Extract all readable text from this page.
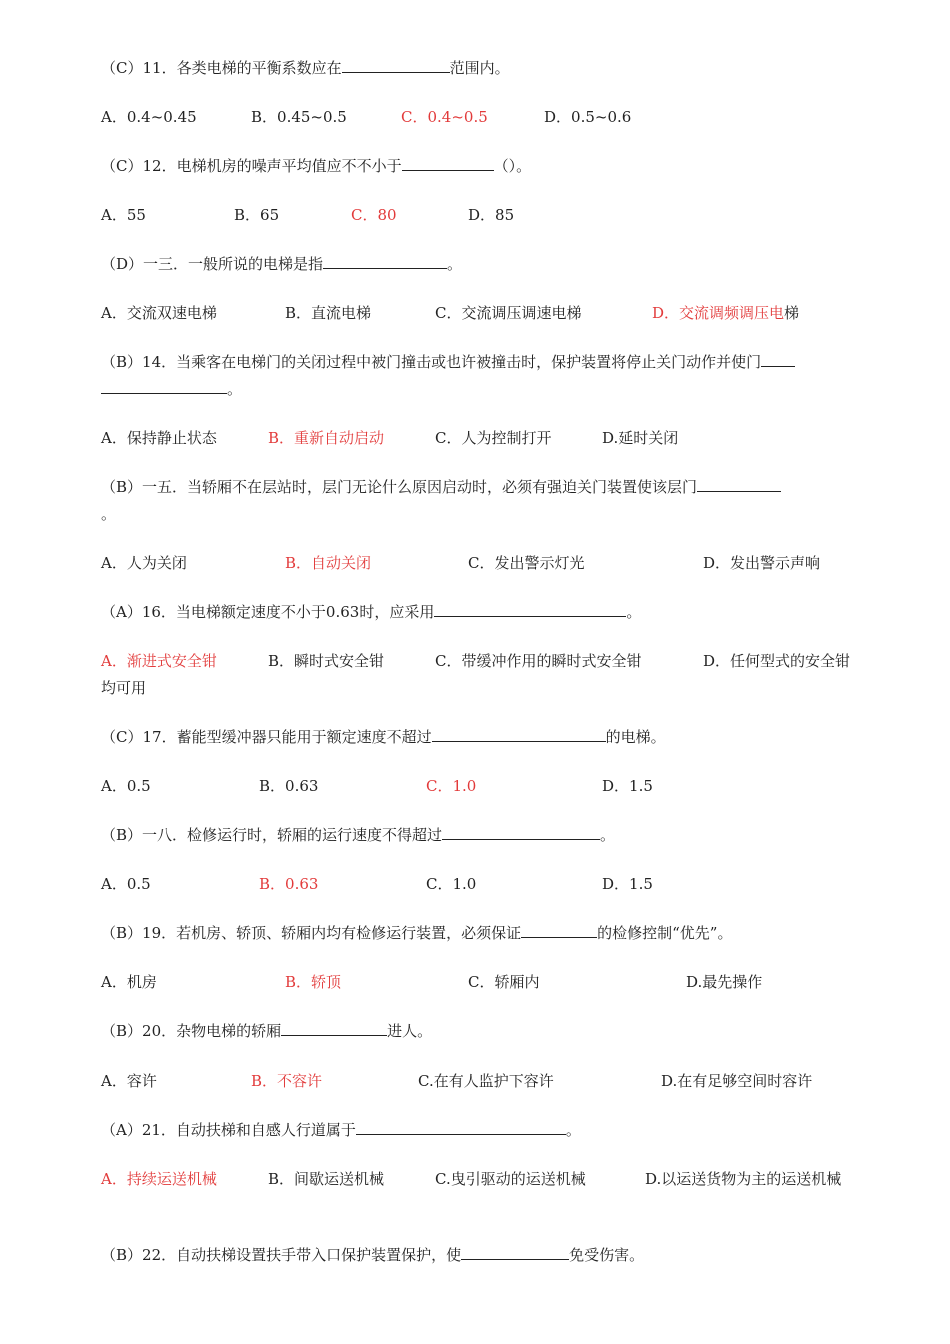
（C）11．各类电梯的平衡系数应在	范围内。
A．0.4~0.45	B．0.45~0.5	C．0.4~0.5	D．0.5~0.6
（C）12．电梯机房的噪声平均值应不不小于	（）。
A．55	B．65	C．80	D．85
（D）一三．一般所说的电梯是指	。
A．交流双速电梯	B．直流电梯	C．交流调压调速电梯	D．交流调频调压电梯
（B）14．当乘客在电梯门的关闭过程中被门撞击或也许被撞击时，保护装置将停止关门动作并使门
。
A．保持静止状态	B．重新自动启动	C．人为控制打开	D.延时关闭
（B）一五．当轿厢不在层站时，层门无论什么原因启动时，必须有强迫关门装置使该层门
。
A．人为关闭	B．自动关闭	C．发出警示灯光	D．发出警示声响
（A）16．当电梯额定速度不小于0.63时，应采用	。
A．渐进式安全钳	B．瞬时式安全钳	C．带缓冲作用的瞬时式安全钳	D．任何型式的安全钳均可用
（C）17．蓄能型缓冲器只能用于额定速度不超过	的电梯。
A．0.5	B．0.63	C．1.0	D．1.5
（B）一八．检修运行时，轿厢的运行速度不得超过	。
A．0.5	B．0.63	C．1.0	D．1.5
（B）19．若机房、轿顶、轿厢内均有检修运行装置，必须保证	的检修控制“优先”。
A．机房	B．轿顶	C．轿厢内	D.最先操作
（B）20．杂物电梯的轿厢	进人。
A．容许	B．不容许	C.在有人监护下容许	D.在有足够空间时容许
（A）21．自动扶梯和自感人行道属于	。
A．持续运送机械	B．间歇运送机械	C.曳引驱动的运送机械	D.以运送货物为主的运送机械
（B）22．自动扶梯设置扶手带入口保护装置保护，使	免受伤害。
